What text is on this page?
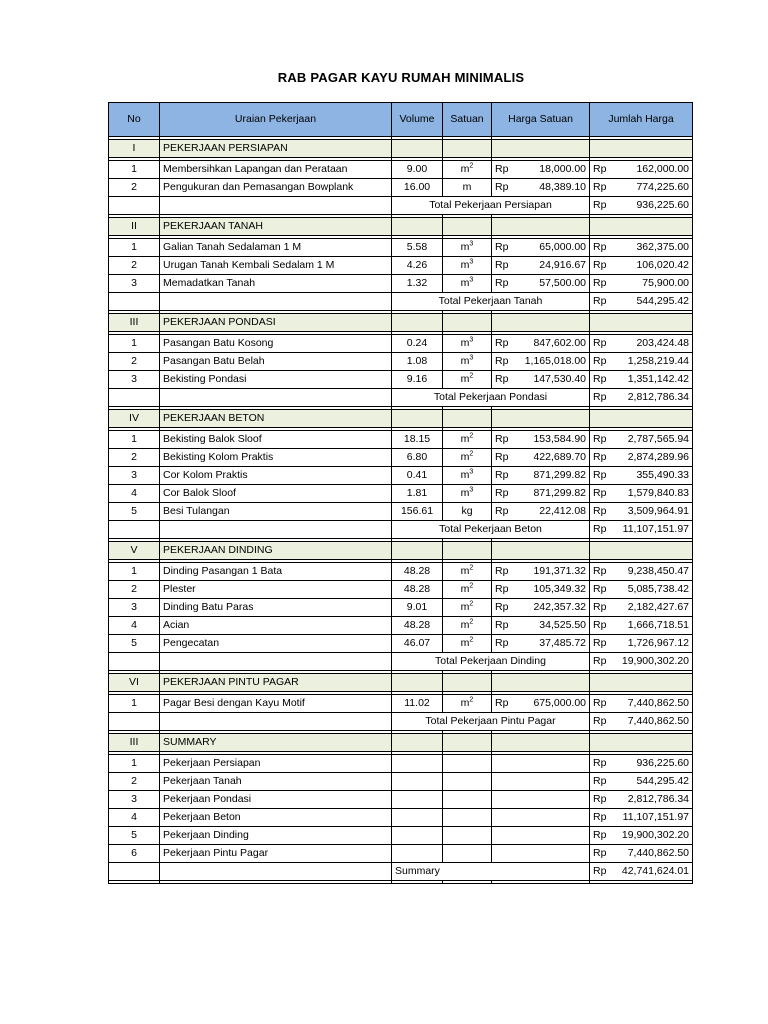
RAB PAGAR KAYU RUMAH MINIMALIS
No	Uraian Pekerjaan	Volume	Satuan	Harga Satuan		Jumlah Harga	

I	PEKERJAAN PERSIAPAN						

1	Membersihkan Lapangan dan Perataan	9.00	$m^2$	Rp	18,000.00	Rp	162,000.00
2	Pengukuran dan Pemasangan Bowplank	16.00	m	Rp	48,389.10	Rp	774,225.60
		Total Pekerjaan Persiapan				Rp	936,225.60

II	PEKERJAAN TANAH						

1	Galian Tanah Sedalaman 1 M	5.58	$m^3$	Rp	65,000.00	Rp	362,375.00
2	Urugan Tanah Kembali Sedalam 1 M	4.26	$m^3$	Rp	24,916.67	Rp	106,020.42
3	Memadatkan Tanah	1.32	$m^3$	Rp	57,500.00	Rp	75,900.00
		Total Pekerjaan Tanah				Rp	544,295.42

III	PEKERJAAN PONDASI						

1	Pasangan Batu Kosong	0.24	$m^3$	Rp	847,602.00	Rp	203,424.48
2	Pasangan Batu Belah	1.08	$m^3$	Rp	1,165,018.00	Rp	1,258,219.44
3	Bekisting Pondasi	9.16	$m^2$	Rp	147,530.40	Rp	1,351,142.42
		Total Pekerjaan Pondasi				Rp	2,812,786.34

IV	PEKERJAAN BETON						

1	Bekisting Balok Sloof	18.15	$m^2$	Rp	153,584.90	Rp	2,787,565.94
2	Bekisting Kolom Praktis	6.80	$m^2$	Rp	422,689.70	Rp	2,874,289.96
3	Cor Kolom Praktis	0.41	$m^3$	Rp	871,299.82	Rp	355,490.33
4	Cor Balok Sloof	1.81	$m^3$	Rp	871,299.82	Rp	1,579,840.83
5	Besi Tulangan	156.61	kg	Rp	22,412.08	Rp	3,509,964.91
		Total Pekerjaan Beton				Rp	11,107,151.97

V	PEKERJAAN DINDING						

1	Dinding Pasangan 1 Bata	48.28	$m^2$	Rp	191,371.32	Rp	9,238,450.47
2	Plester	48.28	$m^2$	Rp	105,349.32	Rp	5,085,738.42
3	Dinding Batu Paras	9.01	$m^2$	Rp	242,357.32	Rp	2,182,427.67
4	Acian	48.28	$m^2$	Rp	34,525.50	Rp	1,666,718.51
5	Pengecatan	46.07	$m^2$	Rp	37,485.72	Rp	1,726,967.12
		Total Pekerjaan Dinding				Rp	19,900,302.20

VI	PEKERJAAN PINTU PAGAR						

1	Pagar Besi dengan Kayu Motif	11.02	$m^2$	Rp	675,000.00	Rp	7,440,862.50
		Total Pekerjaan Pintu Pagar				Rp	7,440,862.50

III	SUMMARY						

1	Pekerjaan Persiapan					Rp	936,225.60
2	Pekerjaan Tanah					Rp	544,295.42
3	Pekerjaan Pondasi					Rp	2,812,786.34
4	Pekerjaan Beton					Rp	11,107,151.97
5	Pekerjaan Dinding					Rp	19,900,302.20
6	Pekerjaan Pintu Pagar					Rp	7,440,862.50
		Summary				Rp	42,741,624.01
